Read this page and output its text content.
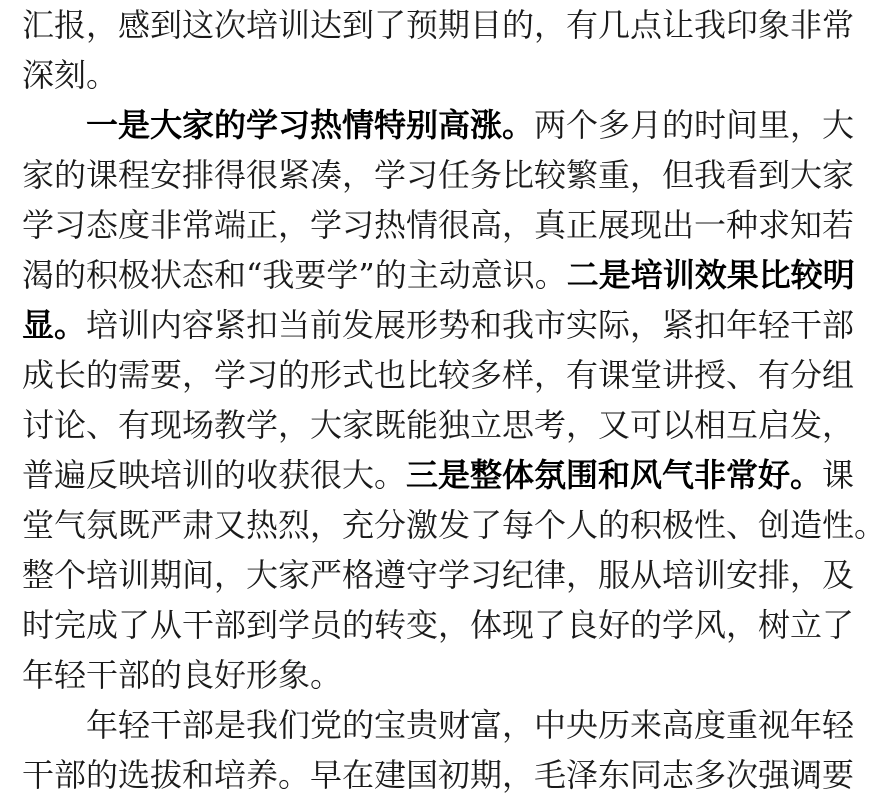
汇报，感到这次培训达到了预期目的，有几点让我印象非常
深刻。
　　一是大家的学习热情特别高涨。两个多月的时间里，大
家的课程安排得很紧凑，学习任务比较繁重，但我看到大家
学习态度非常端正，学习热情很高，真正展现出一种求知若
渴的积极状态和“我要学”的主动意识。二是培训效果比较明
显。培训内容紧扣当前发展形势和我市实际，紧扣年轻干部
成长的需要，学习的形式也比较多样，有课堂讲授、有分组
讨论、有现场教学，大家既能独立思考，又可以相互启发，
普遍反映培训的收获很大。三是整体氛围和风气非常好。课
堂气氛既严肃又热烈，充分激发了每个人的积极性、创造性。
整个培训期间，大家严格遵守学习纪律，服从培训安排，及
时完成了从干部到学员的转变，体现了良好的学风，树立了
年轻干部的良好形象。
　　年轻干部是我们党的宝贵财富，中央历来高度重视年轻
干部的选拔和培养。早在建国初期，毛泽东同志多次强调要
